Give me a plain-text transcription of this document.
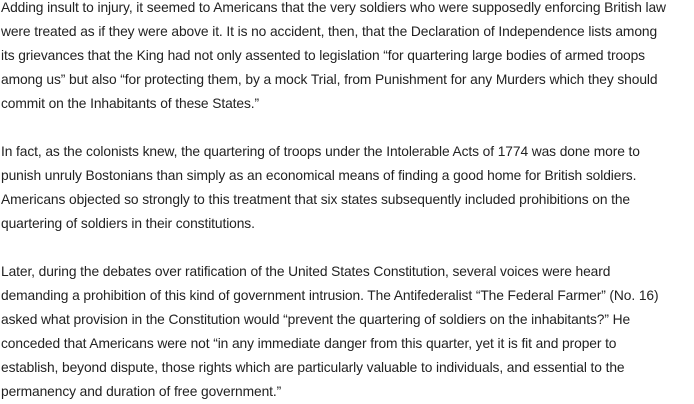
Adding insult to injury, it seemed to Americans that the very soldiers who were supposedly enforcing British law
were treated as if they were above it. It is no accident, then, that the Declaration of Independence lists among
its grievances that the King had not only assented to legislation “for quartering large bodies of armed troops
among us” but also “for protecting them, by a mock Trial, from Punishment for any Murders which they should
commit on the Inhabitants of these States.”

In fact, as the colonists knew, the quartering of troops under the Intolerable Acts of 1774 was done more to
punish unruly Bostonians than simply as an economical means of finding a good home for British soldiers.
Americans objected so strongly to this treatment that six states subsequently included prohibitions on the
quartering of soldiers in their constitutions.

Later, during the debates over ratification of the United States Constitution, several voices were heard
demanding a prohibition of this kind of government intrusion. The Antifederalist “The Federal Farmer” (No. 16)
asked what provision in the Constitution would “prevent the quartering of soldiers on the inhabitants?” He
conceded that Americans were not “in any immediate danger from this quarter, yet it is fit and proper to
establish, beyond dispute, those rights which are particularly valuable to individuals, and essential to the
permanency and duration of free government.”
